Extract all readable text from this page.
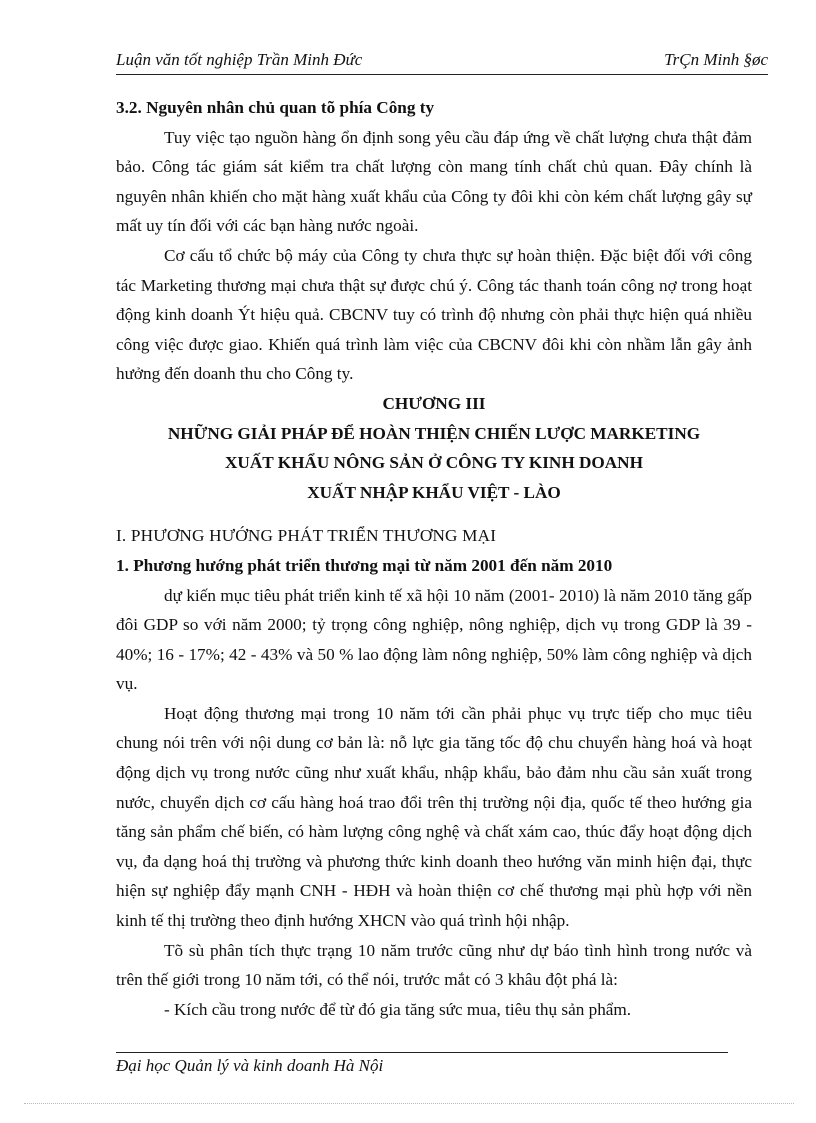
Luận văn tốt nghiệp Trần Minh Đức	TrÇn Minh §øc

3.2. Nguyên nhân chủ quan tõ phía Công ty

Tuy việc tạo nguồn hàng ổn định song yêu cầu đáp ứng về chất lượng chưa thật đảm bảo. Công tác giám sát kiểm tra chất lượng còn mang tính chất chủ quan. Đây chính là nguyên nhân khiến cho mặt hàng xuất khẩu của Công ty đôi khi còn kém chất lượng gây sự mất uy tín đối với các bạn hàng nước ngoài.

Cơ cấu tổ chức bộ máy của Công ty chưa thực sự hoàn thiện. Đặc biệt đối với công tác Marketing thương mại chưa thật sự được chú ý. Công tác thanh toán công nợ trong hoạt động kinh doanh Ýt hiệu quả. CBCNV tuy có trình độ nhưng còn phải thực hiện quá nhiều công việc được giao. Khiến quá trình làm việc của CBCNV đôi khi còn nhầm lẫn gây ảnh hưởng đến doanh thu cho Công ty.

CHƯƠNG III

NHỮNG GIẢI PHÁP ĐỂ HOÀN THIỆN CHIẾN LƯỢC MARKETING

XUẤT KHẨU NÔNG SẢN Ở CÔNG TY KINH DOANH

XUẤT NHẬP KHẨU VIỆT - LÀO

I. PHƯƠNG HƯỚNG PHÁT TRIỂN THƯƠNG MẠI

1. Phương hướng phát triển thương mại từ năm 2001 đến năm 2010

dự kiến mục tiêu phát triển kinh tế xã hội 10 năm (2001- 2010) là năm 2010 tăng gấp đôi GDP so với năm 2000; tỷ trọng công nghiệp, nông nghiệp, dịch vụ trong GDP là 39 - 40%; 16 - 17%; 42 - 43% và 50 % lao động làm nông nghiệp, 50% làm công nghiệp và dịch vụ.

Hoạt động thương mại trong 10 năm tới cần phải phục vụ trực tiếp cho mục tiêu chung nói trên với nội dung cơ bản là: nỗ lực gia tăng tốc độ chu chuyển hàng hoá và hoạt động dịch vụ trong nước cũng như xuất khẩu, nhập khẩu, bảo đảm nhu cầu sản xuất trong nước, chuyển dịch cơ cấu hàng hoá trao đổi trên thị trường nội địa, quốc tế theo hướng gia tăng sản phẩm chế biến, có hàm lượng công nghệ và chất xám cao, thúc đẩy hoạt động dịch vụ, đa dạng hoá thị trường và phương thức kinh doanh theo hướng văn minh hiện đại, thực hiện sự nghiệp đẩy mạnh CNH - HĐH và hoàn thiện cơ chế thương mại phù hợp với nền kinh tế thị trường theo định hướng XHCN vào quá trình hội nhập.

Tõ sù phân tích thực trạng 10 năm trước cũng như dự báo tình hình trong nước và trên thế giới trong 10 năm tới, có thể nói, trước mắt có 3 khâu đột phá là:

- Kích cầu trong nước để từ đó gia tăng sức mua, tiêu thụ sản phẩm.

Đại học Quản lý và kinh doanh Hà Nội
